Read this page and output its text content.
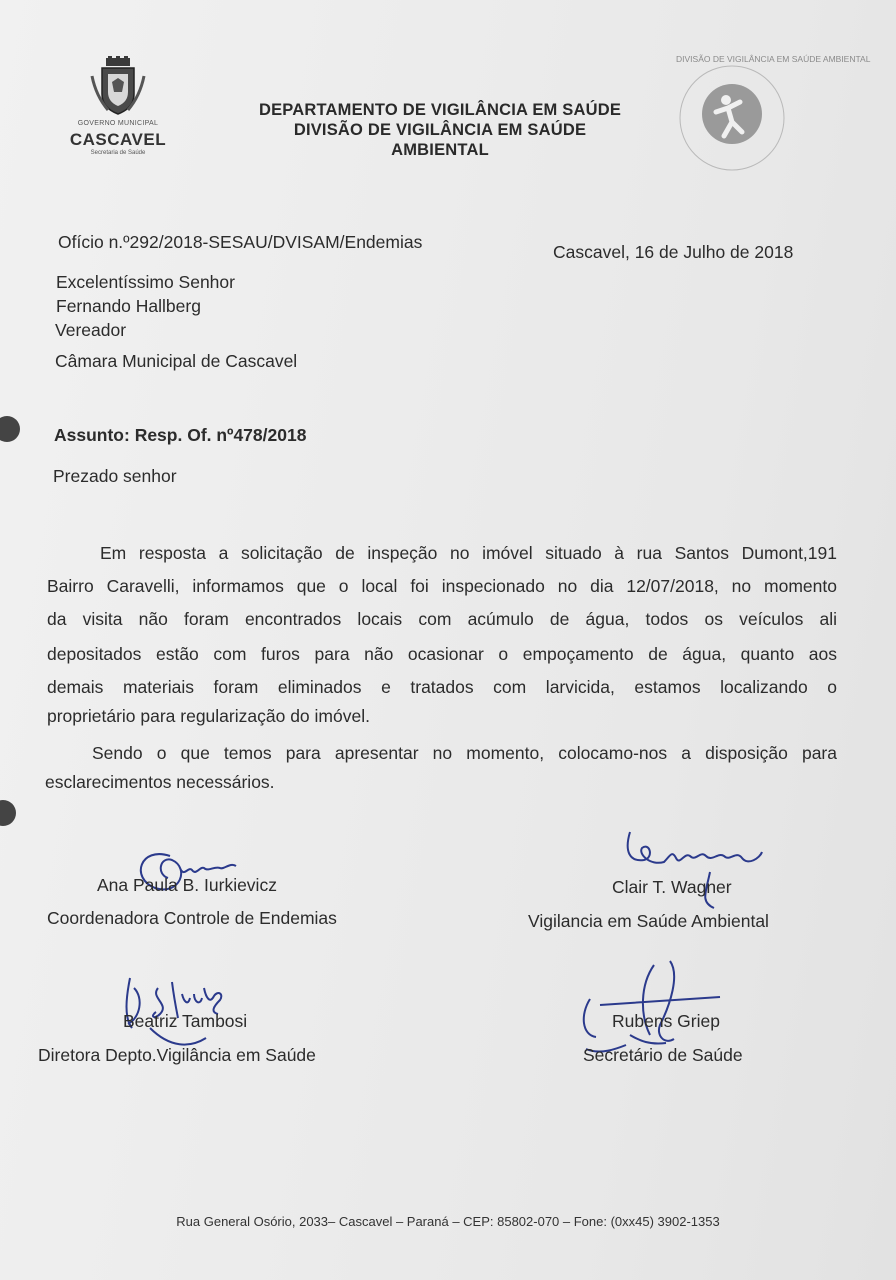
GOVERNO MUNICIPAL
CASCAVEL
Secretaria de Saúde
DEPARTAMENTO DE VIGILÂNCIA EM SAÚDE
DIVISÃO DE VIGILÂNCIA EM SAÚDE
AMBIENTAL
DIVISÃO DE VIGILÂNCIA EM SAÚDE AMBIENTAL
Ofício n.º292/2018-SESAU/DVISAM/Endemias	Cascavel, 16 de Julho de 2018
Excelentíssimo Senhor
Fernando Hallberg
Vereador
Câmara Municipal de Cascavel
Assunto: Resp. Of. nº478/2018
Prezado senhor
Em resposta a solicitação de inspeção no imóvel situado à rua Santos Dumont,191
Bairro Caravelli, informamos que o local foi inspecionado no dia 12/07/2018, no momento
da visita não foram encontrados locais com acúmulo de água, todos os veículos ali
depositados estão com furos para não ocasionar o empoçamento de água, quanto aos
demais materiais foram eliminados e tratados com larvicida, estamos localizando o
proprietário para regularização do imóvel.
Sendo o que temos para apresentar no momento, colocamo-nos a disposição para
esclarecimentos necessários.
Ana Paula B. Iurkievicz
Coordenadora Controle de Endemias
Clair T. Wagner
Vigilancia em Saúde Ambiental
Beatriz Tambosi
Diretora Depto.Vigilância em Saúde
Rubens Griep
Secretário de Saúde
Rua General Osório, 2033– Cascavel – Paraná – CEP: 85802-070 – Fone: (0xx45) 3902-1353
